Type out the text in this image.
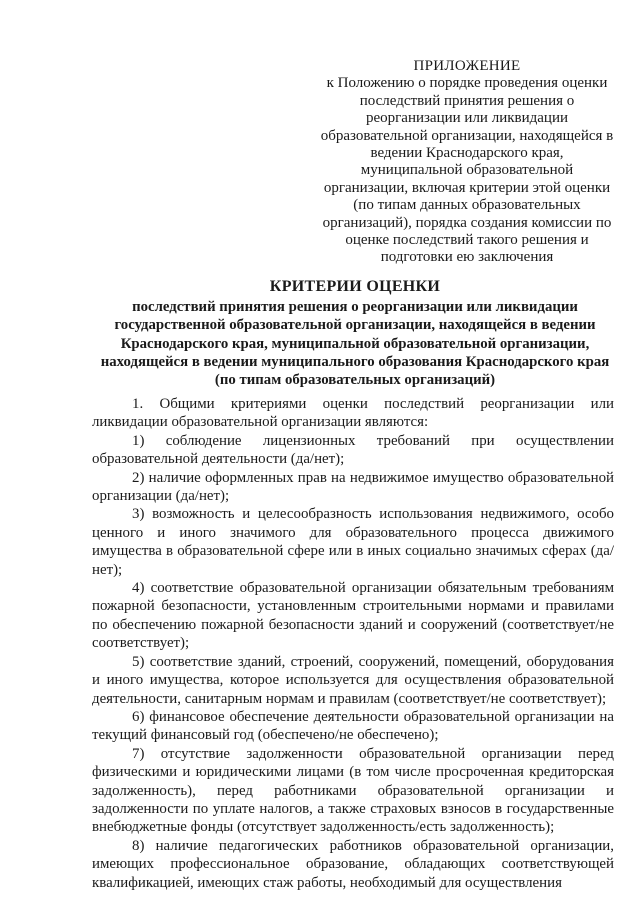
ПРИЛОЖЕНИЕ
к Положению о порядке проведения оценки последствий принятия решения о реорганизации или ликвидации образовательной организации, находящейся в ведении Краснодарского края, муниципальной образовательной организации, включая критерии этой оценки (по типам данных образовательных организаций), порядка создания комиссии по оценке последствий такого решения и подготовки ею заключения
КРИТЕРИИ ОЦЕНКИ
последствий принятия решения о реорганизации или ликвидации государственной образовательной организации, находящейся в ведении Краснодарского края, муниципальной образовательной организации, находящейся в ведении муниципального образования Краснодарского края (по типам образовательных организаций)

1. Общими критериями оценки последствий реорганизации или ликвидации образовательной организации являются:

1) соблюдение лицензионных требований при осуществлении образовательной деятельности (да/нет);

2) наличие оформленных прав на недвижимое имущество образовательной организации (да/нет);

3) возможность и целесообразность использования недвижимого, особо ценного и иного значимого для образовательного процесса движимого имущества в образовательной сфере или в иных социально значимых сферах (да/нет);

4) соответствие образовательной организации обязательным требованиям пожарной безопасности, установленным строительными нормами и правилами по обеспечению пожарной безопасности зданий и сооружений (соответствует/не соответствует);

5) соответствие зданий, строений, сооружений, помещений, оборудования и иного имущества, которое используется для осуществления образовательной деятельности, санитарным нормам и правилам (соответствует/не соответствует);

6) финансовое обеспечение деятельности образовательной организации на текущий финансовый год (обеспечено/не обеспечено);

7) отсутствие задолженности образовательной организации перед физическими и юридическими лицами (в том числе просроченная кредиторская задолженность), перед работниками образовательной организации и задолженности по уплате налогов, а также страховых взносов в государственные внебюджетные фонды (отсутствует задолженность/есть задолженность);

8) наличие педагогических работников образовательной организации, имеющих профессиональное образование, обладающих соответствующей квалификацией, имеющих стаж работы, необходимый для осуществления
